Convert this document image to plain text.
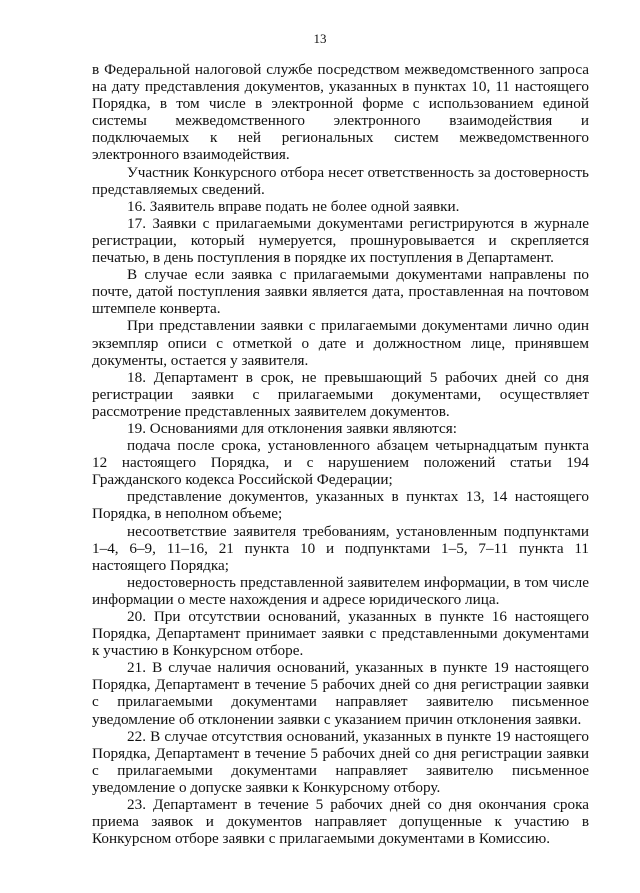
13

в Федеральной налоговой службе посредством межведомственного запроса на дату представления документов, указанных в пунктах 10, 11 настоящего Порядка, в том числе в электронной форме с использованием единой системы межведомственного электронного взаимодействия и подключаемых к ней региональных систем межведомственного электронного взаимодействия.

Участник Конкурсного отбора несет ответственность за достоверность представляемых сведений.

16. Заявитель вправе подать не более одной заявки.

17. Заявки с прилагаемыми документами регистрируются в журнале регистрации, который нумеруется, прошнуровывается и скрепляется печатью, в день поступления в порядке их поступления в Департамент.

В случае если заявка с прилагаемыми документами направлены по почте, датой поступления заявки является дата, проставленная на почтовом штемпеле конверта.

При представлении заявки с прилагаемыми документами лично один экземпляр описи с отметкой о дате и должностном лице, принявшем документы, остается у заявителя.

18. Департамент в срок, не превышающий 5 рабочих дней со дня регистрации заявки с прилагаемыми документами, осуществляет рассмотрение представленных заявителем документов.

19. Основаниями для отклонения заявки являются:

подача после срока, установленного абзацем четырнадцатым пункта 12 настоящего Порядка, и с нарушением положений статьи 194 Гражданского кодекса Российской Федерации;

представление документов, указанных в пунктах 13, 14 настоящего Порядка, в неполном объеме;

несоответствие заявителя требованиям, установленным подпунктами 1–4, 6–9, 11–16, 21 пункта 10 и подпунктами 1–5, 7–11 пункта 11 настоящего Порядка;

недостоверность представленной заявителем информации, в том числе информации о месте нахождения и адресе юридического лица.

20. При отсутствии оснований, указанных в пункте 16 настоящего Порядка, Департамент принимает заявки с представленными документами к участию в Конкурсном отборе.

21. В случае наличия оснований, указанных в пункте 19 настоящего Порядка, Департамент в течение 5 рабочих дней со дня регистрации заявки с прилагаемыми документами направляет заявителю письменное уведомление об отклонении заявки с указанием причин отклонения заявки.

22. В случае отсутствия оснований, указанных в пункте 19 настоящего Порядка, Департамент в течение 5 рабочих дней со дня регистрации заявки с прилагаемыми документами направляет заявителю письменное уведомление о допуске заявки к Конкурсному отбору.

23. Департамент в течение 5 рабочих дней со дня окончания срока приема заявок и документов направляет допущенные к участию в Конкурсном отборе заявки с прилагаемыми документами в Комиссию.
